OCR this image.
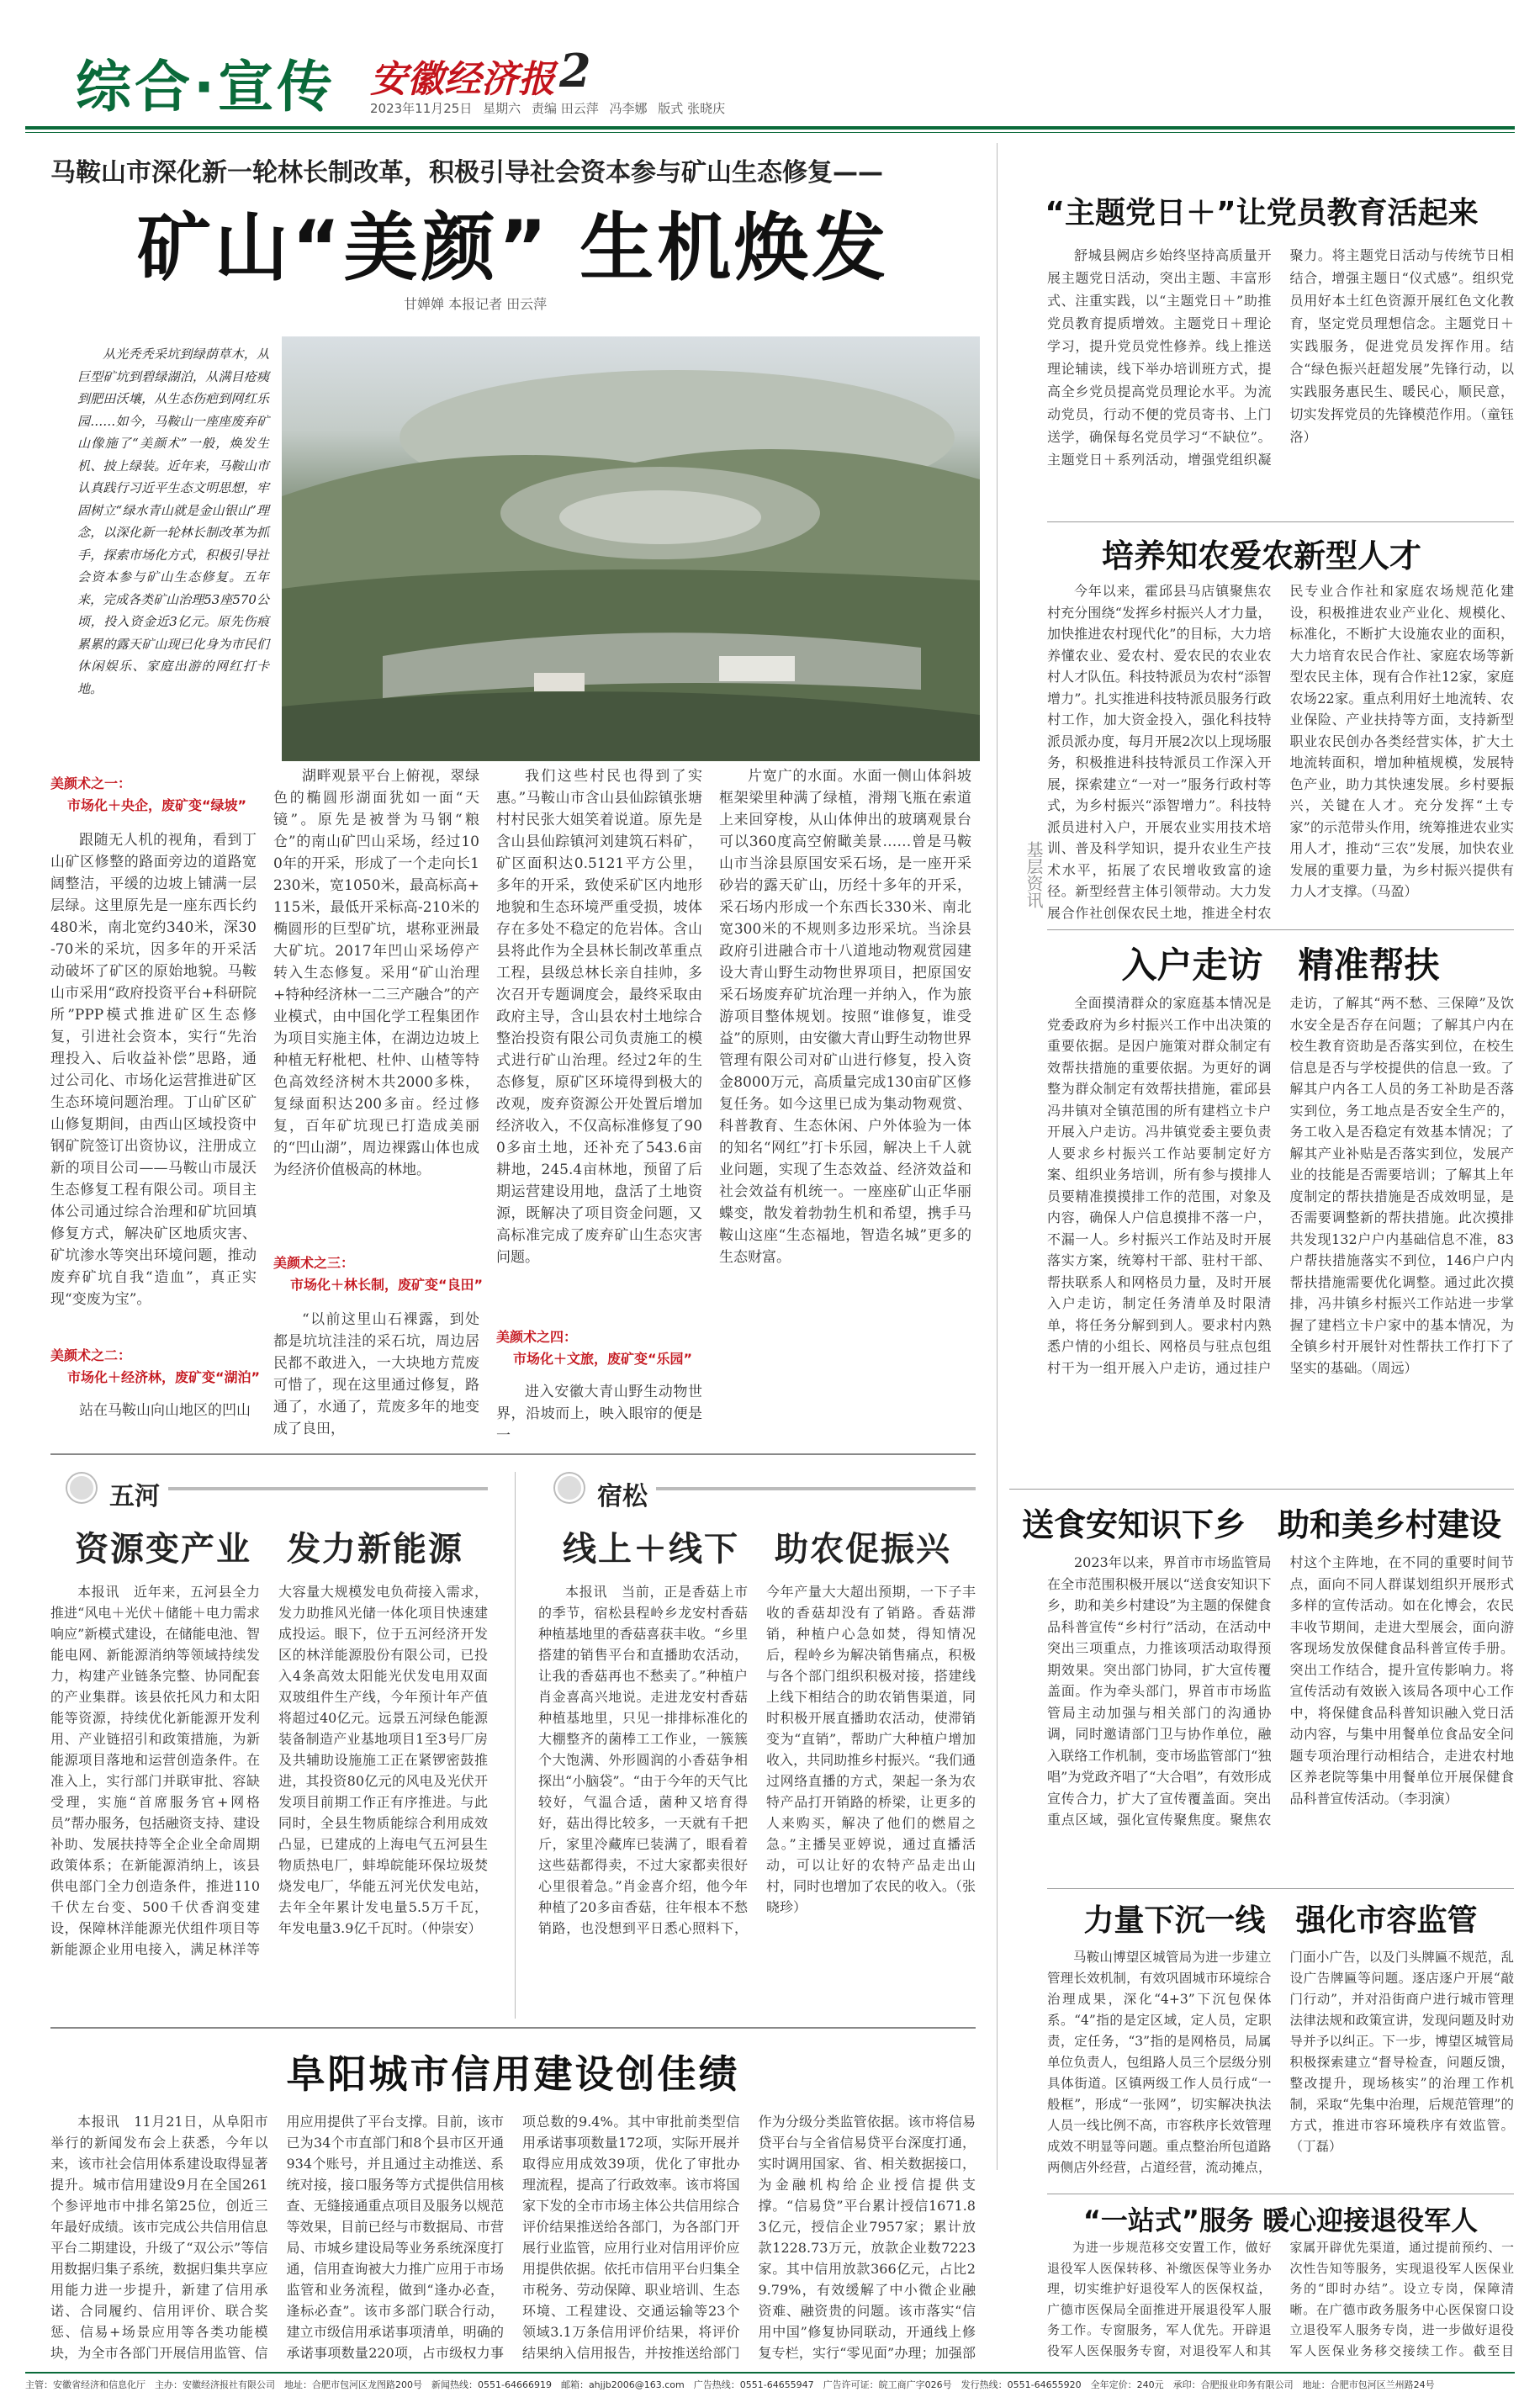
综合·宣传 安徽经济报 2
2023年11月25日 星期六 责编 田云萍 冯李娜 版式 张晓庆
马鞍山市深化新一轮林长制改革，积极引导社会资本参与矿山生态修复——
矿山“美颜” 生机焕发
甘婵婵 本报记者 田云萍
从光秃秃采坑到绿荫草木，从巨型矿坑到碧绿湖泊，从满目疮痍到肥田沃壤，从生态伤疤到网红乐园……如今，马鞍山一座座废弃矿山像施了“美颜术”一般，焕发生机、披上绿装。近年来，马鞍山市认真践行习近平生态文明思想，牢固树立“绿水青山就是金山银山”理念，以深化新一轮林长制改革为抓手，探索市场化方式，积极引导社会资本参与矿山生态修复。五年来，完成各类矿山治理53座570公顷，投入资金近3亿元。原先伤痕累累的露天矿山现已化身为市民们休闲娱乐、家庭出游的网红打卡地。
美颜术之一：
市场化＋央企，废矿变“绿坡”
跟随无人机的视角，看到丁山矿区修整的路面旁边的道路宽阔整洁，平缓的边坡上铺满一层层绿。这里原先是一座东西长约480米，南北宽约340米，深30-70米的采坑，因多年的开采活动破坏了矿区的原始地貌。马鞍山市采用“政府投资平台+科研院所”PPP模式推进矿区生态修复，引进社会资本，实行“先治理投入、后收益补偿”思路，通过公司化、市场化运营推进矿区生态环境问题治理。丁山矿区矿山修复期间，由西山区域投资中钢矿院签订出资协议，注册成立新的项目公司——马鞍山市晟沃生态修复工程有限公司。项目主体公司通过综合治理和矿坑回填修复方式，解决矿区地质灾害、矿坑渗水等突出环境问题，推动废弃矿坑自我“造血”，真正实现“变废为宝”。
美颜术之二：
市场化＋经济林，废矿变“湖泊”
站在马鞍山向山地区的凹山
湖畔观景平台上俯视，翠绿色的椭圆形湖面犹如一面“天镜”。原先是被誉为马钢“粮仓”的南山矿凹山采场，经过100年的开采，形成了一个走向长1230米，宽1050米，最高标高+115米，最低开采标高-210米的椭圆形的巨型矿坑，堪称亚洲最大矿坑。2017年凹山采场停产转入生态修复。采用“矿山治理+特种经济林一二三产融合”的产业模式，由中国化学工程集团作为项目实施主体，在湖边边坡上种植无籽枇杷、杜仲、山楂等特色高效经济树木共2000多株，复绿面积达200多亩。经过修复，百年矿坑现已打造成美丽的“凹山湖”，周边裸露山体也成为经济价值极高的林地。
美颜术之三：
市场化＋林长制，废矿变“良田”
“以前这里山石裸露，到处都是坑坑洼洼的采石坑，周边居民都不敢进入，一大块地方荒废可惜了，现在这里通过修复，路通了，水通了，荒废多年的地变成了良田，
我们这些村民也得到了实惠。”马鞍山市含山县仙踪镇张塘村村民张大姐笑着说道。原先是含山县仙踪镇河刘建筑石料矿，矿区面积达0.5121平方公里，多年的开采，致使采矿区内地形地貌和生态环境严重受损，坡体存在多处不稳定的危岩体。含山县将此作为全县林长制改革重点工程，县级总林长亲自挂帅，多次召开专题调度会，最终采取由政府主导，含山县农村土地综合整治投资有限公司负责施工的模式进行矿山治理。经过2年的生态修复，原矿区环境得到极大的改观，废弃资源公开处置后增加经济收入，不仅高标准修复了900多亩土地，还补充了543.6亩耕地，245.4亩林地，预留了后期运营建设用地，盘活了土地资源，既解决了项目资金问题，又高标准完成了废弃矿山生态灾害问题。
美颜术之四：
市场化＋文旅，废矿变“乐园”
进入安徽大青山野生动物世界，沿坡而上，映入眼帘的便是一
片宽广的水面。水面一侧山体斜坡框架梁里种满了绿植，滑翔飞瓶在索道上来回穿梭，从山体伸出的玻璃观景台可以360度高空俯瞰美景……曾是马鞍山市当涂县原国安采石场，是一座开采砂岩的露天矿山，历经十多年的开采，采石场内形成一个东西长330米、南北宽300米的不规则多边形采坑。当涂县政府引进融合市十八道地动物观赏园建设大青山野生动物世界项目，把原国安采石场废弃矿坑治理一并纳入，作为旅游项目整体规划。按照“谁修复，谁受益”的原则，由安徽大青山野生动物世界管理有限公司对矿山进行修复，投入资金8000万元，高质量完成130亩矿区修复任务。如今这里已成为集动物观赏、科普教育、生态休闲、户外体验为一体的知名“网红”打卡乐园，解决上千人就业问题，实现了生态效益、经济效益和社会效益有机统一。一座座矿山正华丽蝶变，散发着勃勃生机和希望，携手马鞍山这座“生态福地，智造名城”更多的生态财富。
“主题党日＋”让党员教育活起来
舒城县阙店乡始终坚持高质量开展主题党日活动，突出主题、丰富形式、注重实践，以“主题党日＋”助推党员教育提质增效。主题党日＋理论学习，提升党员党性修养。线上推送理论辅读，线下举办培训班方式，提高全乡党员提高党员理论水平。为流动党员，行动不便的党员寄书、上门送学，确保每名党员学习“不缺位”。主题党日＋系列活动，增强党组织凝聚力。将主题党日活动与传统节日相结合，增强主题日“仪式感”。组织党员用好本土红色资源开展红色文化教育，坚定党员理想信念。主题党日＋实践服务，促进党员发挥作用。结合“绿色振兴赶超发展”先锋行动，以实践服务惠民生、暖民心，顺民意，切实发挥党员的先锋模范作用。（童钰洛）
培养知农爱农新型人才
今年以来，霍邱县马店镇聚焦农村充分围绕“发挥乡村振兴人才力量，加快推进农村现代化”的目标，大力培养懂农业、爱农村、爱农民的农业农村人才队伍。科技特派员为农村“添智增力”。扎实推进科技特派员服务行政村工作，加大资金投入，强化科技特派员派办度，每月开展2次以上现场服务，积极推进科技特派员工作深入开展，探索建立“一对一”服务行政村等式，为乡村振兴“添智增力”。科技特派员进村入户，开展农业实用技术培训、普及科学知识，提升农业生产技术水平，拓展了农民增收致富的途径。新型经营主体引领带动。大力发展合作社创保农民土地，推进全村农民专业合作社和家庭农场规范化建设，积极推进农业产业化、规模化、标准化，不断扩大设施农业的面积，大力培育农民合作社、家庭农场等新型农民主体，现有合作社12家，家庭农场22家。重点利用好土地流转、农业保险、产业扶持等方面，支持新型职业农民创办各类经营实体，扩大土地流转面积，增加种植规模，发展特色产业，助力其快速发展。乡村要振兴，关键在人才。充分发挥“土专家”的示范带头作用，统筹推进农业实用人才，推动“三农”发展，加快农业发展的重要力量，为乡村振兴提供有力人才支撑。（马盈）
基层资讯
入户走访　精准帮扶
全面摸清群众的家庭基本情况是党委政府为乡村振兴工作中出决策的重要依据。是因户施策对群众制定有效帮扶措施的重要依据。为更好的调整为群众制定有效帮扶措施，霍邱县冯井镇对全镇范围的所有建档立卡户开展入户走访。冯井镇党委主要负责人要求乡村振兴工作站要制定好方案、组织业务培训，所有参与摸排人员要精准摸摸排工作的范围，对象及内容，确保人户信息摸排不落一户，不漏一人。乡村振兴工作站及时开展落实方案，统筹村干部、驻村干部、帮扶联系人和网格员力量，及时开展入户走访，制定任务清单及时限清单，将任务分解到到人。要求村内熟悉户情的小组长、网格员与驻点包组村干为一组开展入户走访，通过挂户走访，了解其“两不愁、三保障”及饮水安全是否存在问题；了解其户内在校生教育资助是否落实到位，在校生信息是否与学校提供的信息一致。了解其户内各工人员的务工补助是否落实到位，务工地点是否安全生产的，务工收入是否稳定有效基本情况；了解其产业补贴是否落实到位，发展产业的技能是否需要培训；了解其上年度制定的帮扶措施是否成效明显，是否需要调整新的帮扶措施。此次摸排共发现132户户内基础信息不准，83户帮扶措施落实不到位，146户户内帮扶措施需要优化调整。通过此次摸排，冯井镇乡村振兴工作站进一步掌握了建档立卡户家中的基本情况，为全镇乡村开展针对性帮扶工作打下了坚实的基础。（周远）
送食安知识下乡　助和美乡村建设
2023年以来，界首市市场监管局在全市范围积极开展以“送食安知识下乡，助和美乡村建设”为主题的保健食品科普宣传“乡村行”活动，在活动中突出三项重点，力推该项活动取得预期效果。突出部门协同，扩大宣传覆盖面。作为牵头部门，界首市市场监管局主动加强与相关部门的沟通协调，同时邀请部门卫与协作单位，融入联络工作机制，变市场监管部门“独唱”为党政齐唱了“大合唱”，有效形成宣传合力，扩大了宣传覆盖面。突出重点区域，强化宣传聚焦度。聚焦农村这个主阵地，在不同的重要时间节点，面向不同人群谋划组织开展形式多样的宣传活动。如在化博会，农民丰收节期间，走进大型展会，面向游客现场发放保健食品科普宣传手册。突出工作结合，提升宣传影响力。将宣传活动有效嵌入该局各项中心工作中，将保健食品科普知识融入党日活动内容，与集中用餐单位食品安全问题专项治理行动相结合，走进农村地区养老院等集中用餐单位开展保健食品科普宣传活动。（李羽演）
力量下沉一线　强化市容监管
马鞍山博望区城管局为进一步建立管理长效机制，有效巩固城市环境综合治理成果，深化“4+3”下沉包保体系。“4”指的是定区域，定人员，定职责，定任务，“3”指的是网格员，局属单位负责人，包组路人员三个层级分别具体街道。区镇两级工作人员行成“一般框”，形成“一张网”，切实解决执法人员一线比例不高，市容秩序长效管理成效不明显等问题。重点整治所包道路两侧店外经营，占道经营，流动摊点，门面小广告，以及门头牌匾不规范，乱设广告牌匾等问题。逐店逐户开展“敲门行动”，并对沿街商户进行城市管理法律法规和政策宣讲，发现问题及时劝导并予以纠正。下一步，博望区城管局积极探索建立“督导检查，问题反馈，整改提升，现场核实”的治理工作机制，采取“先集中治理，后规范管理”的方式，推进市容环境秩序有效监管。（丁磊）
“一站式”服务 暖心迎接退役军人
为进一步规范移交安置工作，做好退役军人医保转移、补缴医保等业务办理，切实维护好退役军人的医保权益，广德市医保局全面推进开展退役军人服务工作。专窗服务，军人优先。开辟退役军人医保服务专窗，对退役军人和其家属开辟优先渠道，通过提前预约、一次性告知等服务，实现退役军人医保业务的“即时办结”。设立专岗，保障清晰。在广德市政务服务中心医保窗口设立退役军人服务专岗，进一步做好退役军人医保业务移交接续工作。截至目
五河
资源变产业　发力新能源
本报讯　近年来，五河县全力推进“风电＋光伏＋储能＋电力需求响应”新模式建设，在储能电池、智能电网、新能源消纳等领域持续发力，构建产业链条完整、协同配套的产业集群。该县依托风力和太阳能等资源，持续优化新能源开发利用、产业链招引和政策措施，为新能源项目落地和运营创造条件。在准入上，实行部门并联审批、容缺受理，实施“首席服务官+网格员”帮办服务，包括融资支持、建设补助、发展扶持等全企业全命周期政策体系；在新能源消纳上，该县供电部门全力创造条件，推进110千伏左台变、500千伏香润变建设，保障林洋能源光伏组件项目等新能源企业用电接入，满足林洋等大容量大规模发电负荷接入需求，发力助推风光储一体化项目快速建成投运。眼下，位于五河经济开发区的林洋能源股份有限公司，已投入4条高效太阳能光伏发电用双面双玻组件生产线，今年预计年产值将超过40亿元。远景五河绿色能源装备制造产业基地项目1至3号厂房及共辅助设施施工正在紧锣密鼓推进，其投资80亿元的风电及光伏开发项目前期工作正有序推进。与此同时，全县生物质能综合利用成效凸显，已建成的上海电气五河县生物质热电厂，蚌埠皖能环保垃圾焚烧发电厂，华能五河光伏发电站，去年全年累计发电量5.5万千瓦，年发电量3.9亿千瓦时。（仲崇安）
宿松
线上＋线下　助农促振兴
本报讯　当前，正是香菇上市的季节，宿松县程岭乡龙安村香菇种植基地里的香菇喜获丰收。“乡里搭建的销售平台和直播助农活动，让我的香菇再也不愁卖了。”种植户肖金喜高兴地说。走进龙安村香菇种植基地里，只见一排排标准化的大棚整齐的菌棒工工作业，一簇簇个大饱满、外形圆润的小香菇争相探出“小脑袋”。“由于今年的天气比较好，气温合适，菌种又培育得好，菇出得比较多，一天就有千把斤，家里冷藏库已装满了，眼看着这些菇都得卖，不过大家都卖很好心里很着急。”肖金喜介绍，他今年种植了20多亩香菇，往年根本不愁销路，也没想到平日悉心照料下，今年产量大大超出预期，一下子丰收的香菇却没有了销路。香菇滞销，种植户心急如焚，得知情况后，程岭乡为解决销售痛点，积极与各个部门组织积极对接，搭建线上线下相结合的助农销售渠道，同时积极开展直播助农活动，使滞销变为“直销”，帮助广大种植户增加收入，共同助推乡村振兴。“我们通过网络直播的方式，架起一条为农特产品打开销路的桥梁，让更多的人来购买，解决了他们的燃眉之急。”主播吴亚婷说，通过直播活动，可以让好的农特产品走出山村，同时也增加了农民的收入。（张晓珍）
阜阳城市信用建设创佳绩
本报讯　11月21日，从阜阳市举行的新闻发布会上获悉，今年以来，该市社会信用体系建设取得显著提升。城市信用建设9月在全国261个参评地市中排名第25位，创近三年最好成绩。该市完成公共信用信息平台二期建设，升级了“双公示”等信用数据归集子系统，数据归集共享应用能力进一步提升，新建了信用承诺、合同履约、信用评价、联合奖惩、信易+场景应用等各类功能模块，为全市各部门开展信用监管、信用应用提供了平台支撑。目前，该市已为34个市直部门和8个县市区开通934个账号，并且通过主动推送、系统对接，接口服务等方式提供信用核查、无缝接通重点项目及服务以规范等效果，目前已经与市数据局、市营局、市城乡建设局等业务系统深度打通，信用查询被大力推广应用于市场监管和业务流程，做到“逢办必查，逢标必查”。该市多部门联合行动，建立市级信用承诺事项清单，明确的承诺事项数量220项，占市级权力事项总数的9.4%。其中审批前类型信用承诺事项数量172项，实际开展并取得应用成效39项，优化了审批办理流程，提高了行政效率。该市将国家下发的全市市场主体公共信用综合评价结果推送给各部门，为各部门开展行业监管，应用行业对信用评价应用提供依据。依托市信用平台归集全市税务、劳动保障、职业培训、生态环境、工程建设、交通运输等23个领域3.1万条信用评价结果，将评价结果纳入信用报告，并按推送给部门作为分级分类监管依据。该市将信易贷平台与全省信易贷平台深度打通，实时调用国家、省、相关数据接口，为金融机构给企业授信提供支撑。“信易贷”平台累计授信1671.83亿元，授信企业7957家；累计放款1228.73万元，放款企业数7223家。其中信用放款366亿元，占比29.79%，有效缓解了中小微企业融资难、融资贵的问题。该市落实“信用中国”修复协同联动，开通线上修复专栏，实行“零见面”办理；加强部
主管：安徽省经济和信息化厅　主办：安徽经济报社有限公司　地址：合肥市包河区龙图路200号　新闻热线：0551-64666919　邮箱：ahjjb2006@163.com　广告热线：0551-64655947　广告许可证：皖工商广字026号　发行热线：0551-64655920　全年定价：240元　承印：合肥报业印务有限公司　地址：合肥市包河区兰州路24号
